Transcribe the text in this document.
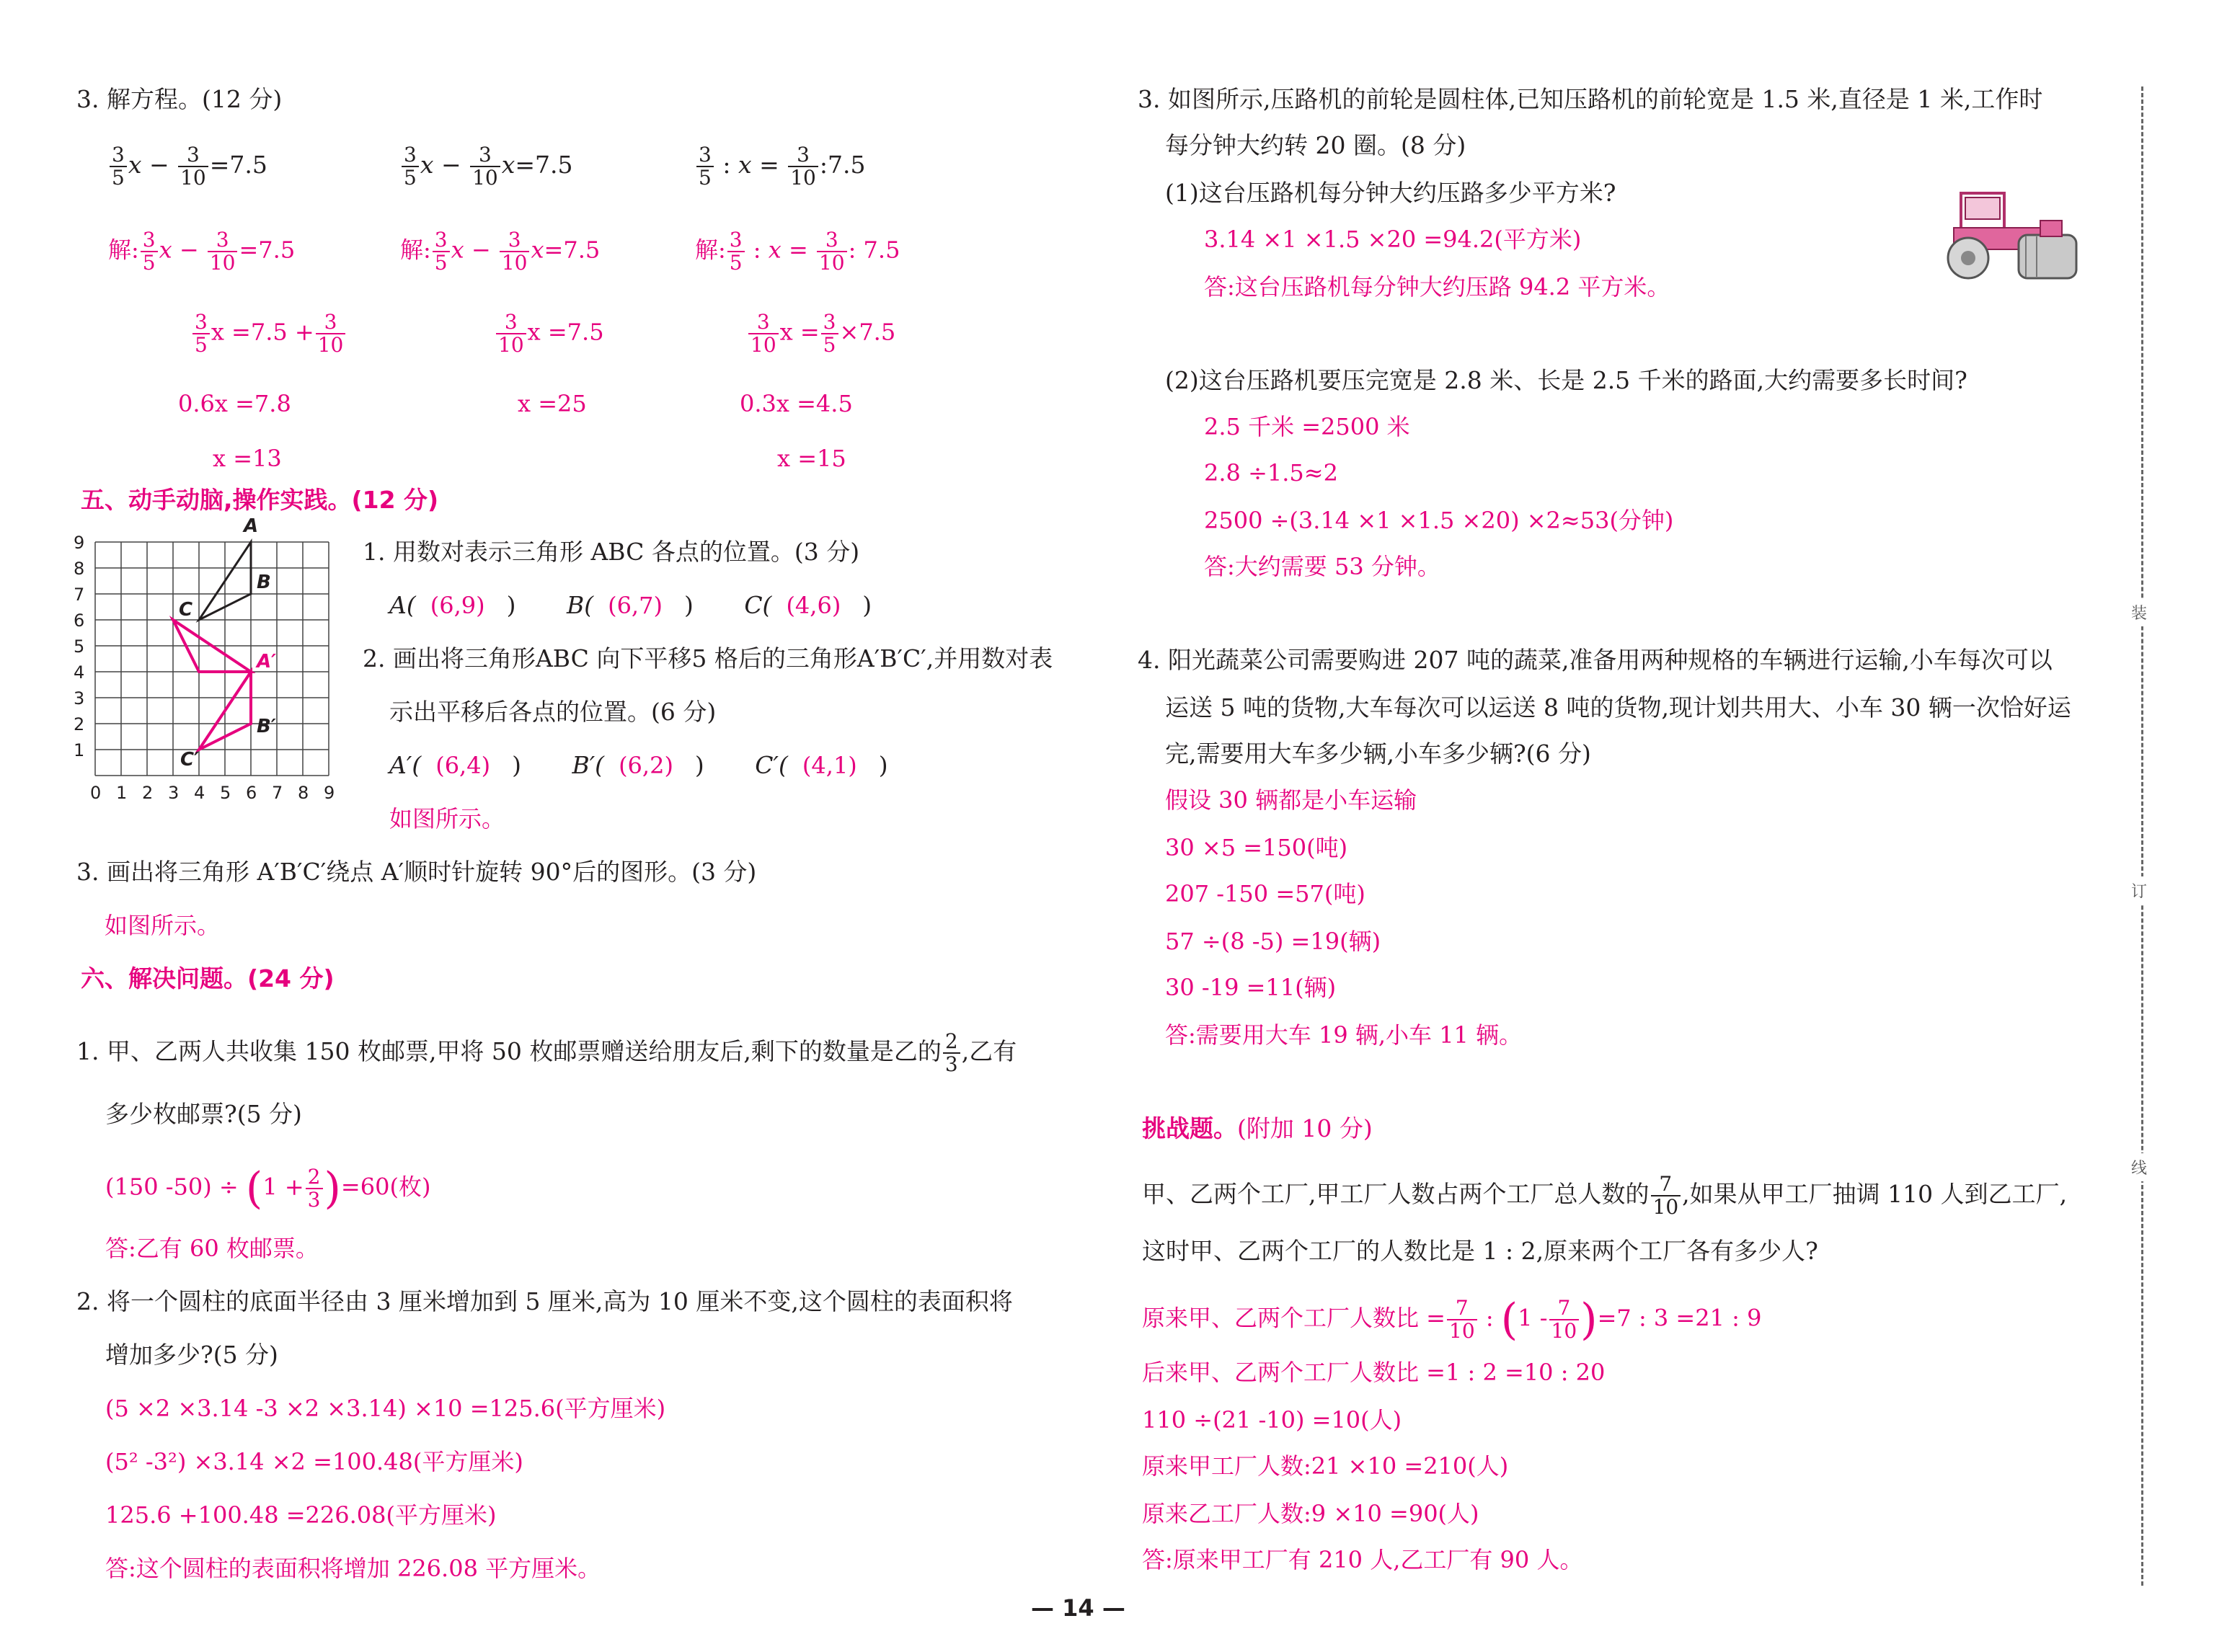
3. 解方程。(12 分)
$\frac{3}{5}$ $x - \frac{3}{10} =7.5$
解: $\frac{3}{5}$ $x - \frac{3}{10} =7.5$
$\frac{3}{5}$ $x =7.5 + \frac{3}{10}$
0.6x =7.8
x =13
$\frac{3}{5}$ $x - \frac{3}{10} x=7.5$
解: $\frac{3}{5}$ $x - \frac{3}{10} x=7.5$
$\frac{3}{10}$ x =7.5
x =25
$\frac{3}{5}$ : $x = \frac{3}{10}$ :7.5
解: $\frac{3}{5}$ : $x = \frac{3}{10}$ : 7.5
$\frac{3}{10}$ $x = \frac{3}{5} \times 7.5$
0.3x =4.5
x =15
五、动手动脑,操作实践。(12 分)
0 1 2 3 4 5 6 7 8 9
1
2
3
4
5
6
7
8
9
A
B
C
A′
B′
C′
1. 用数对表示三角形 ABC 各点的位置。(3 分)
A( (6,9) ) B( (6,7) ) C( (4,6) )
2. 画出将三角形ABC 向下平移5 格后的三角形A′B′C′,并用数对表
示出平移后各点的位置。(6 分)
A′( (6,4) ) B′( (6,2) ) C′( (4,1) )
如图所示。
3. 画出将三角形 A′B′C′绕点 A′顺时针旋转 90°后的图形。(3 分)
如图所示。
六、解决问题。(24 分)
1. 甲、乙两人共收集 150 枚邮票,甲将 50 枚邮票赠送给朋友后,剩下的数量是乙的 $\frac{2}{3}$ ,乙有
多少枚邮票?(5 分)
(150 $-50) \div (1 + \frac{2}{3} )=60$(枚)
答:乙有 60 枚邮票。
2. 将一个圆柱的底面半径由 3 厘米增加到 5 厘米,高为 10 厘米不变,这个圆柱的表面积将
增加多少?(5 分)
(5 ×2 ×3.14 -3 ×2 ×3.14) ×10 =125.6(平方厘米)
(5² -3²) ×3.14 ×2 =100.48(平方厘米)
125.6 +100.48 =226.08(平方厘米)
答:这个圆柱的表面积将增加 226.08 平方厘米。
3. 如图所示,压路机的前轮是圆柱体,已知压路机的前轮宽是 1.5 米,直径是 1 米,工作时
每分钟大约转 20 圈。(8 分)
(1)这台压路机每分钟大约压路多少平方米?
3.14 ×1 ×1.5 ×20 =94.2(平方米)
答:这台压路机每分钟大约压路 94.2 平方米。
(2)这台压路机要压完宽是 2.8 米、长是 2.5 千米的路面,大约需要多长时间?
2.5 千米 =2500 米
2.8 ÷1.5≈2
2500 ÷(3.14 ×1 ×1.5 ×20) ×2≈53(分钟)
答:大约需要 53 分钟。
4. 阳光蔬菜公司需要购进 207 吨的蔬菜,准备用两种规格的车辆进行运输,小车每次可以
运送 5 吨的货物,大车每次可以运送 8 吨的货物,现计划共用大、小车 30 辆一次恰好运
完,需要用大车多少辆,小车多少辆?(6 分)
假设 30 辆都是小车运输
30 ×5 =150(吨)
207 -150 =57(吨)
57 ÷(8 -5) =19(辆)
30 -19 =11(辆)
答:需要用大车 19 辆,小车 11 辆。
挑战题。(附加 10 分)
甲、乙两个工厂,甲工厂人数占两个工厂总人数的 $\frac{7}{10}$ ,如果从甲工厂抽调 110 人到乙工厂,
这时甲、乙两个工厂的人数比是 1 : 2,原来两个工厂各有多少人?
原来甲、乙两个工厂人数比 = $\frac{7}{10}$ : $(1 - \frac{7}{10} )=7$ : 3 =21 : 9
后来甲、乙两个工厂人数比 =1 : 2 =10 : 20
110 ÷(21 -10) =10(人)
原来甲工厂人数:21 ×10 =210(人)
原来乙工厂人数:9 ×10 =90(人)
答:原来甲工厂有 210 人,乙工厂有 90 人。
装
订
线
— 14 —
